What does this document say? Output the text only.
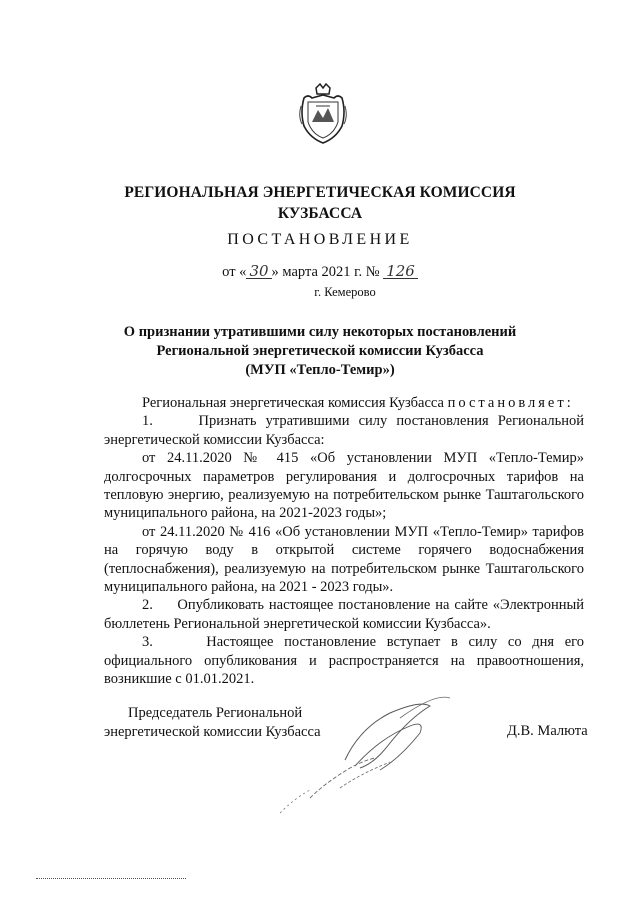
РЕГИОНАЛЬНАЯ ЭНЕРГЕТИЧЕСКАЯ КОМИССИЯ
КУЗБАССА
ПОСТАНОВЛЕНИЕ
от « 30 » марта 2021 г. № 126
г. Кемерово
О признании утратившими силу некоторых постановлений
Региональной энергетической комиссии Кузбасса
(МУП «Тепло-Темир»)

Региональная энергетическая комиссия Кузбасса постановляет:

1.     Признать утратившими силу постановления Региональной энергетической комиссии Кузбасса:

от 24.11.2020 № 415 «Об установлении МУП «Тепло-Темир» долгосрочных параметров регулирования и долгосрочных тарифов на тепловую энергию, реализуемую на потребительском рынке Таштагольского муниципального района, на 2021-2023 годы»;

от 24.11.2020 № 416 «Об установлении МУП «Тепло-Темир» тарифов на горячую воду в открытой системе горячего водоснабжения (теплоснабжения), реализуемую на потребительском рынке Таштагольского муниципального района, на 2021 - 2023 годы».

2.     Опубликовать настоящее постановление на сайте «Электронный бюллетень Региональной энергетической комиссии Кузбасса».

3.     Настоящее постановление вступает в силу со дня его официального опубликования и распространяется на правоотношения, возникшие с 01.01.2021.

Председатель Региональной
энергетической комиссии Кузбасса	Д.В. Малюта
